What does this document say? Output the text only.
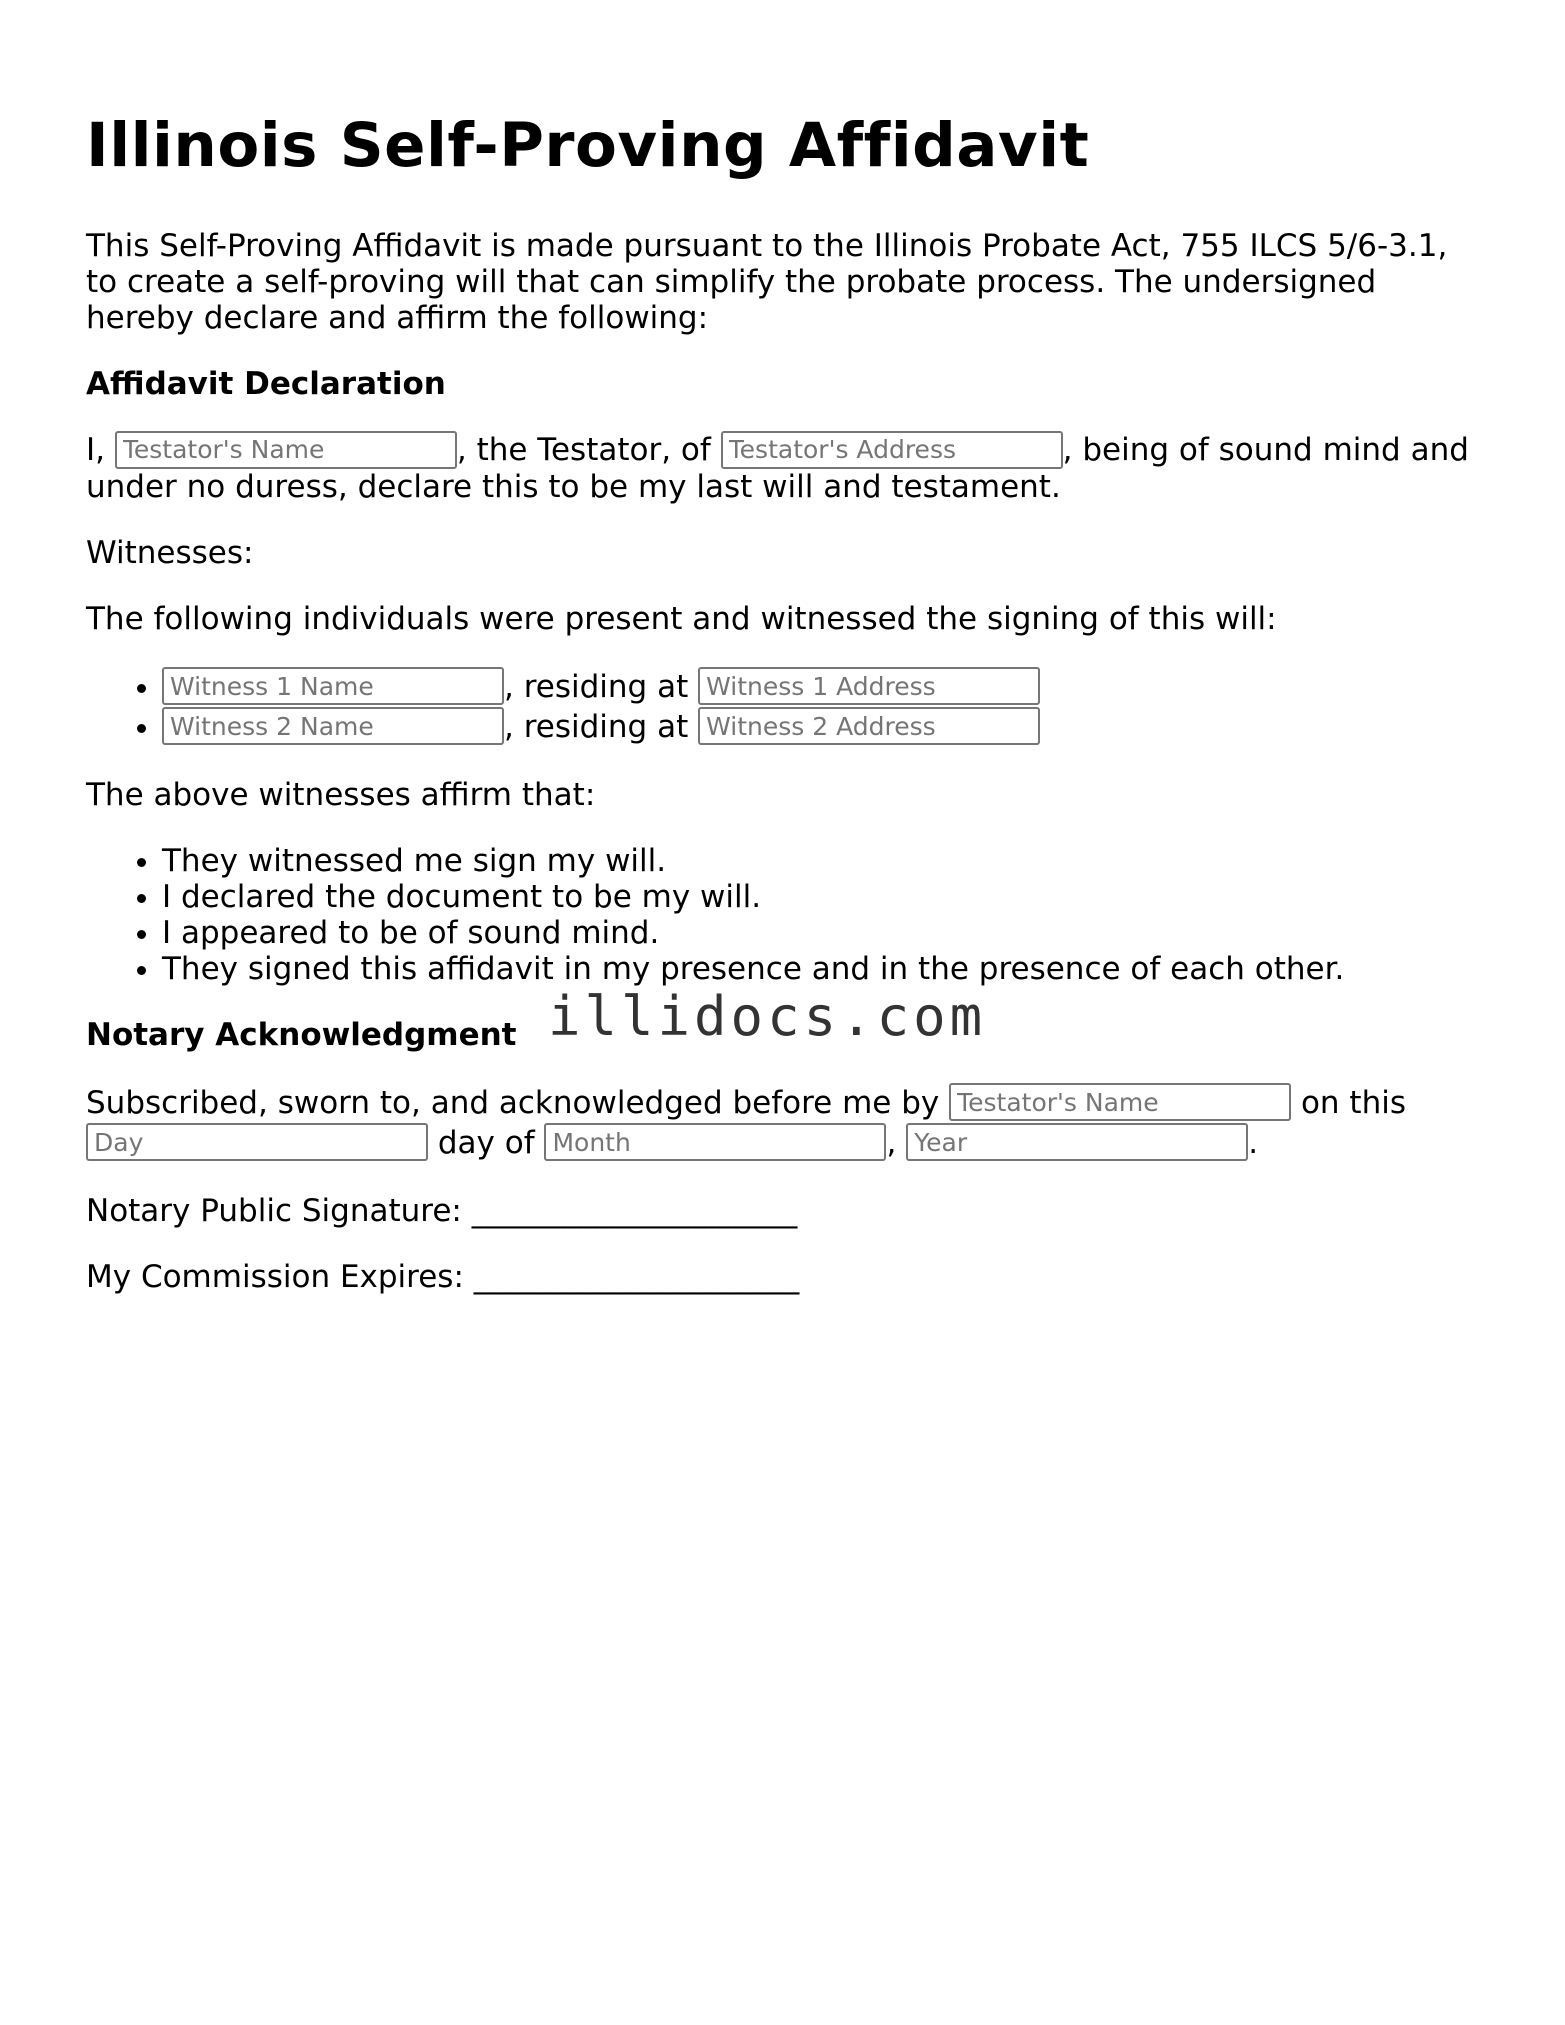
Illinois Self-Proving Affidavit

This Self-Proving Affidavit is made pursuant to the Illinois Probate Act, 755 ILCS 5/6-3.1, to create a self-proving will that can simplify the probate process. The undersigned hereby declare and affirm the following:

Affidavit Declaration

I, Testator's Name	, the Testator, of Testator's Address	, being of sound mind and under no duress, declare this to be my last will and testament.

Witnesses:

The following individuals were present and witnessed the signing of this will:

Witness 1 Name • , residing at Witness 1 Address
Witness 2 Name • , residing at Witness 2 Address

The above witnesses affirm that:

• They witnessed me sign my will.
• I declared the document to be my will.
• I appeared to be of sound mind.
• They signed this affidavit in my presence and in the presence of each other.
Notary Acknowledgment

Subscribed, sworn to, and acknowledged before me by Testator's Name	on this Day day of Month	, Year	.

Notary Public Signature: _____________________

My Commission Expires: _____________________

illidocs.com
